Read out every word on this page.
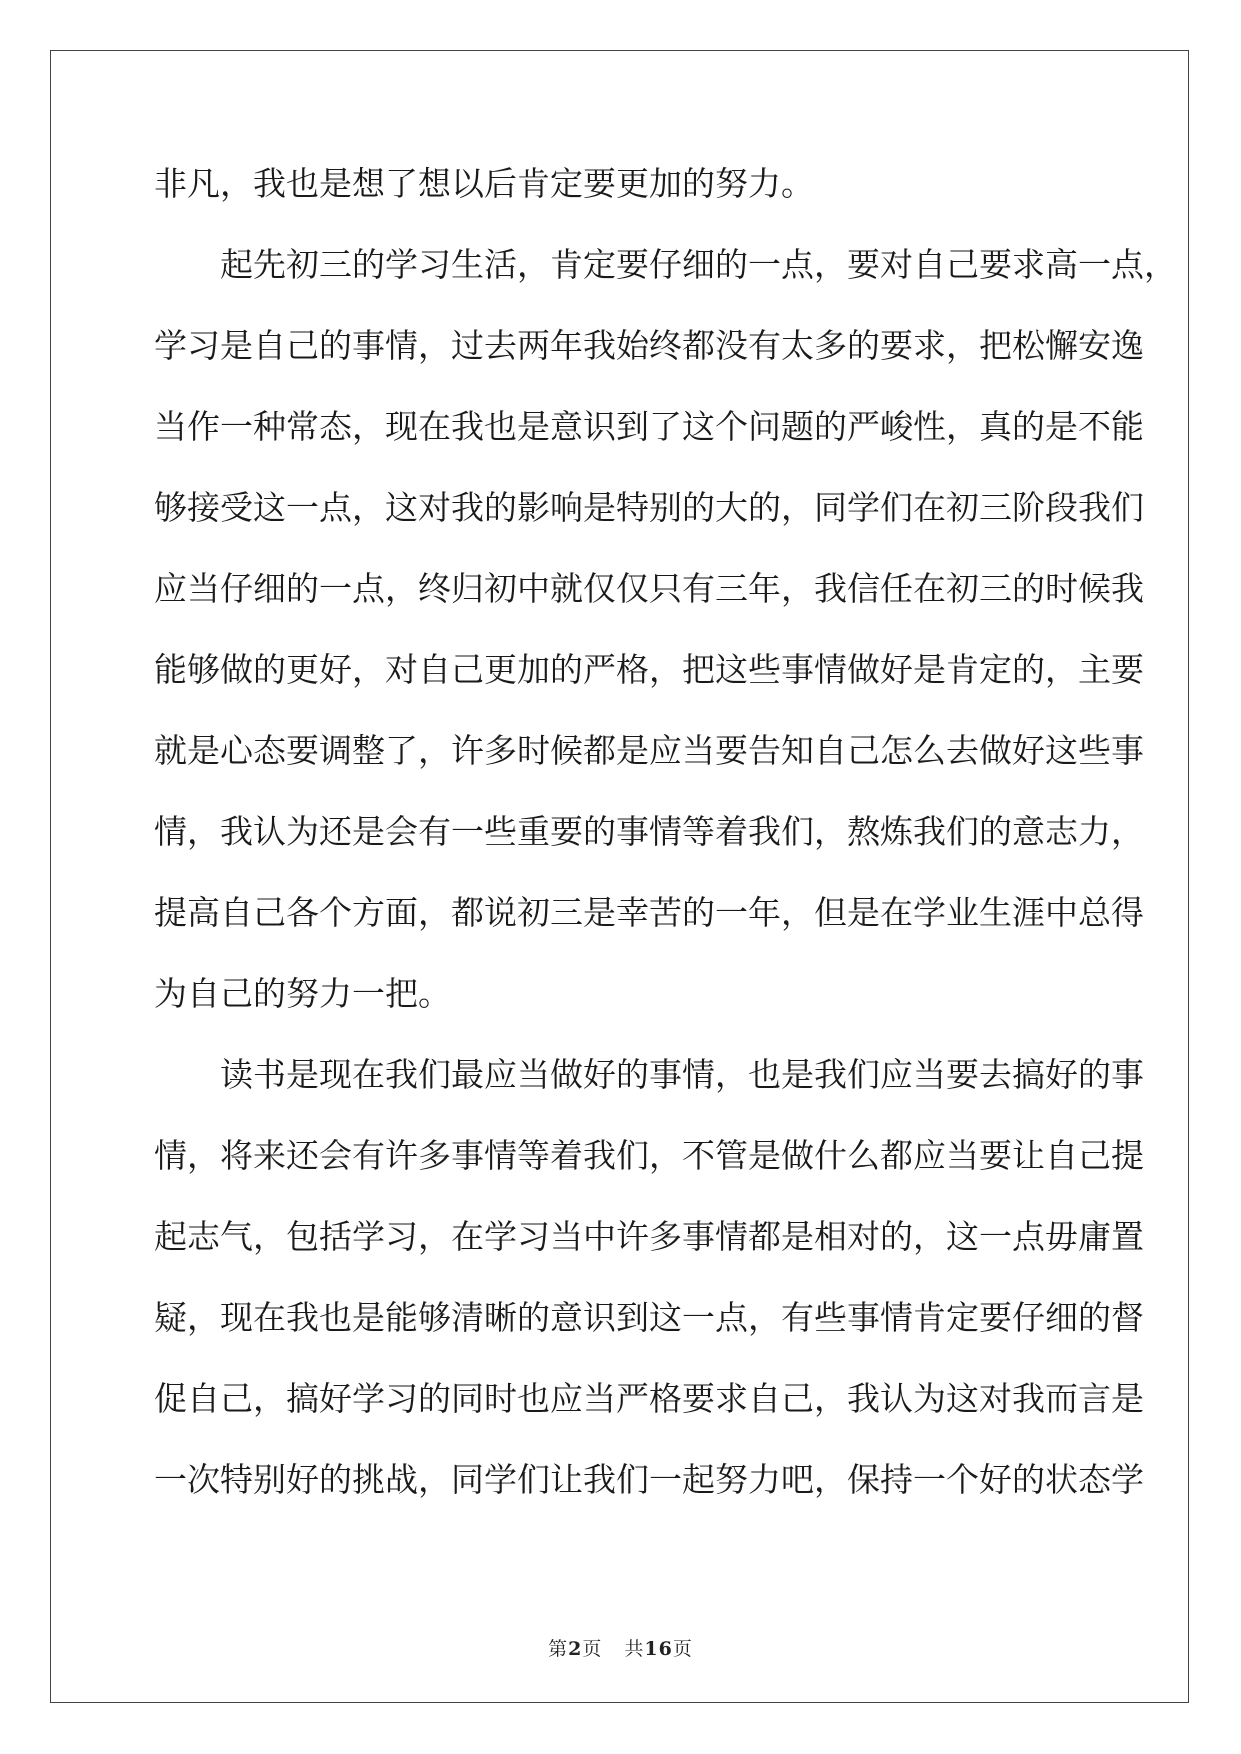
非凡，我也是想了想以后肯定要更加的努力。
起 先 初 三 的 学 习 生 活 ， 肯 定 要 仔 细 的 一 点 ， 要 对 自 己 要 求 高 一 点 ，
学 习 是 自 己 的 事 情 ， 过 去 两 年 我 始 终 都 没 有 太 多 的 要 求 ， 把 松 懈 安 逸
当 作 一 种 常 态 ， 现 在 我 也 是 意 识 到 了 这 个 问 题 的 严 峻 性 ， 真 的 是 不 能
够 接 受 这 一 点 ， 这 对 我 的 影 响 是 特 别 的 大 的 ， 同 学 们 在 初 三 阶 段 我 们
应 当 仔 细 的 一 点 ， 终 归 初 中 就 仅 仅 只 有 三 年 ， 我 信 任 在 初 三 的 时 候 我
能 够 做 的 更 好 ， 对 自 己 更 加 的 严 格 ， 把 这 些 事 情 做 好 是 肯 定 的 ， 主 要
就 是 心 态 要 调 整 了 ， 许 多 时 候 都 是 应 当 要 告 知 自 己 怎 么 去 做 好 这 些 事
情 ， 我 认 为 还 是 会 有 一 些 重 要 的 事 情 等 着 我 们 ， 熬 炼 我 们 的 意 志 力 ，
提 高 自 己 各 个 方 面 ， 都 说 初 三 是 幸 苦 的 一 年 ， 但 是 在 学 业 生 涯 中 总 得
为自己的努力一把。
读 书 是 现 在 我 们 最 应 当 做 好 的 事 情 ， 也 是 我 们 应 当 要 去 搞 好 的 事
情 ， 将 来 还 会 有 许 多 事 情 等 着 我 们 ， 不 管 是 做 什 么 都 应 当 要 让 自 己 提
起 志 气 ， 包 括 学 习 ， 在 学 习 当 中 许 多 事 情 都 是 相 对 的 ， 这 一 点 毋 庸 置
疑 ， 现 在 我 也 是 能 够 清 晰 的 意 识 到 这 一 点 ， 有 些 事 情 肯 定 要 仔 细 的 督
促 自 己 ， 搞 好 学 习 的 同 时 也 应 当 严 格 要 求 自 己 ， 我 认 为 这 对 我 而 言 是
一 次 特 别 好 的 挑 战 ， 同 学 们 让 我 们 一 起 努 力 吧 ， 保 持 一 个 好 的 状 态 学
第2页 共16页
